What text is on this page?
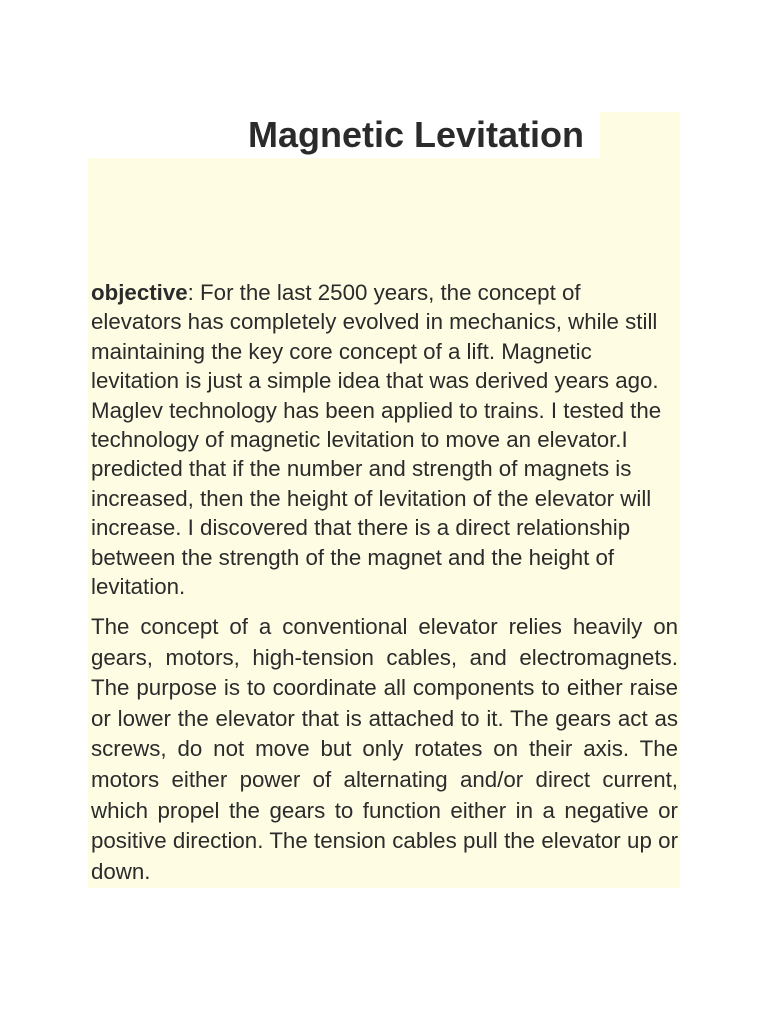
Magnetic Levitation

objective: For the last 2500 years, the concept of elevators has completely evolved in mechanics, while still maintaining the key core concept of a lift. Magnetic levitation is just a simple idea that was derived years ago. Maglev technology has been applied to trains. I tested the technology of magnetic levitation to move an elevator.I predicted that if the number and strength of magnets is increased, then the height of levitation of the elevator will increase. I discovered that there is a direct relationship between the strength of the magnet and the height of levitation.

The concept of a conventional elevator relies heavily on gears, motors, high-tension cables, and electromagnets. The purpose is to coordinate all components to either raise or lower the elevator that is attached to it. The gears act as screws, do not move but only rotates on their axis. The motors either power of alternating and/or direct current, which propel the gears to function either in a negative or positive direction. The tension cables pull the elevator up or down.
